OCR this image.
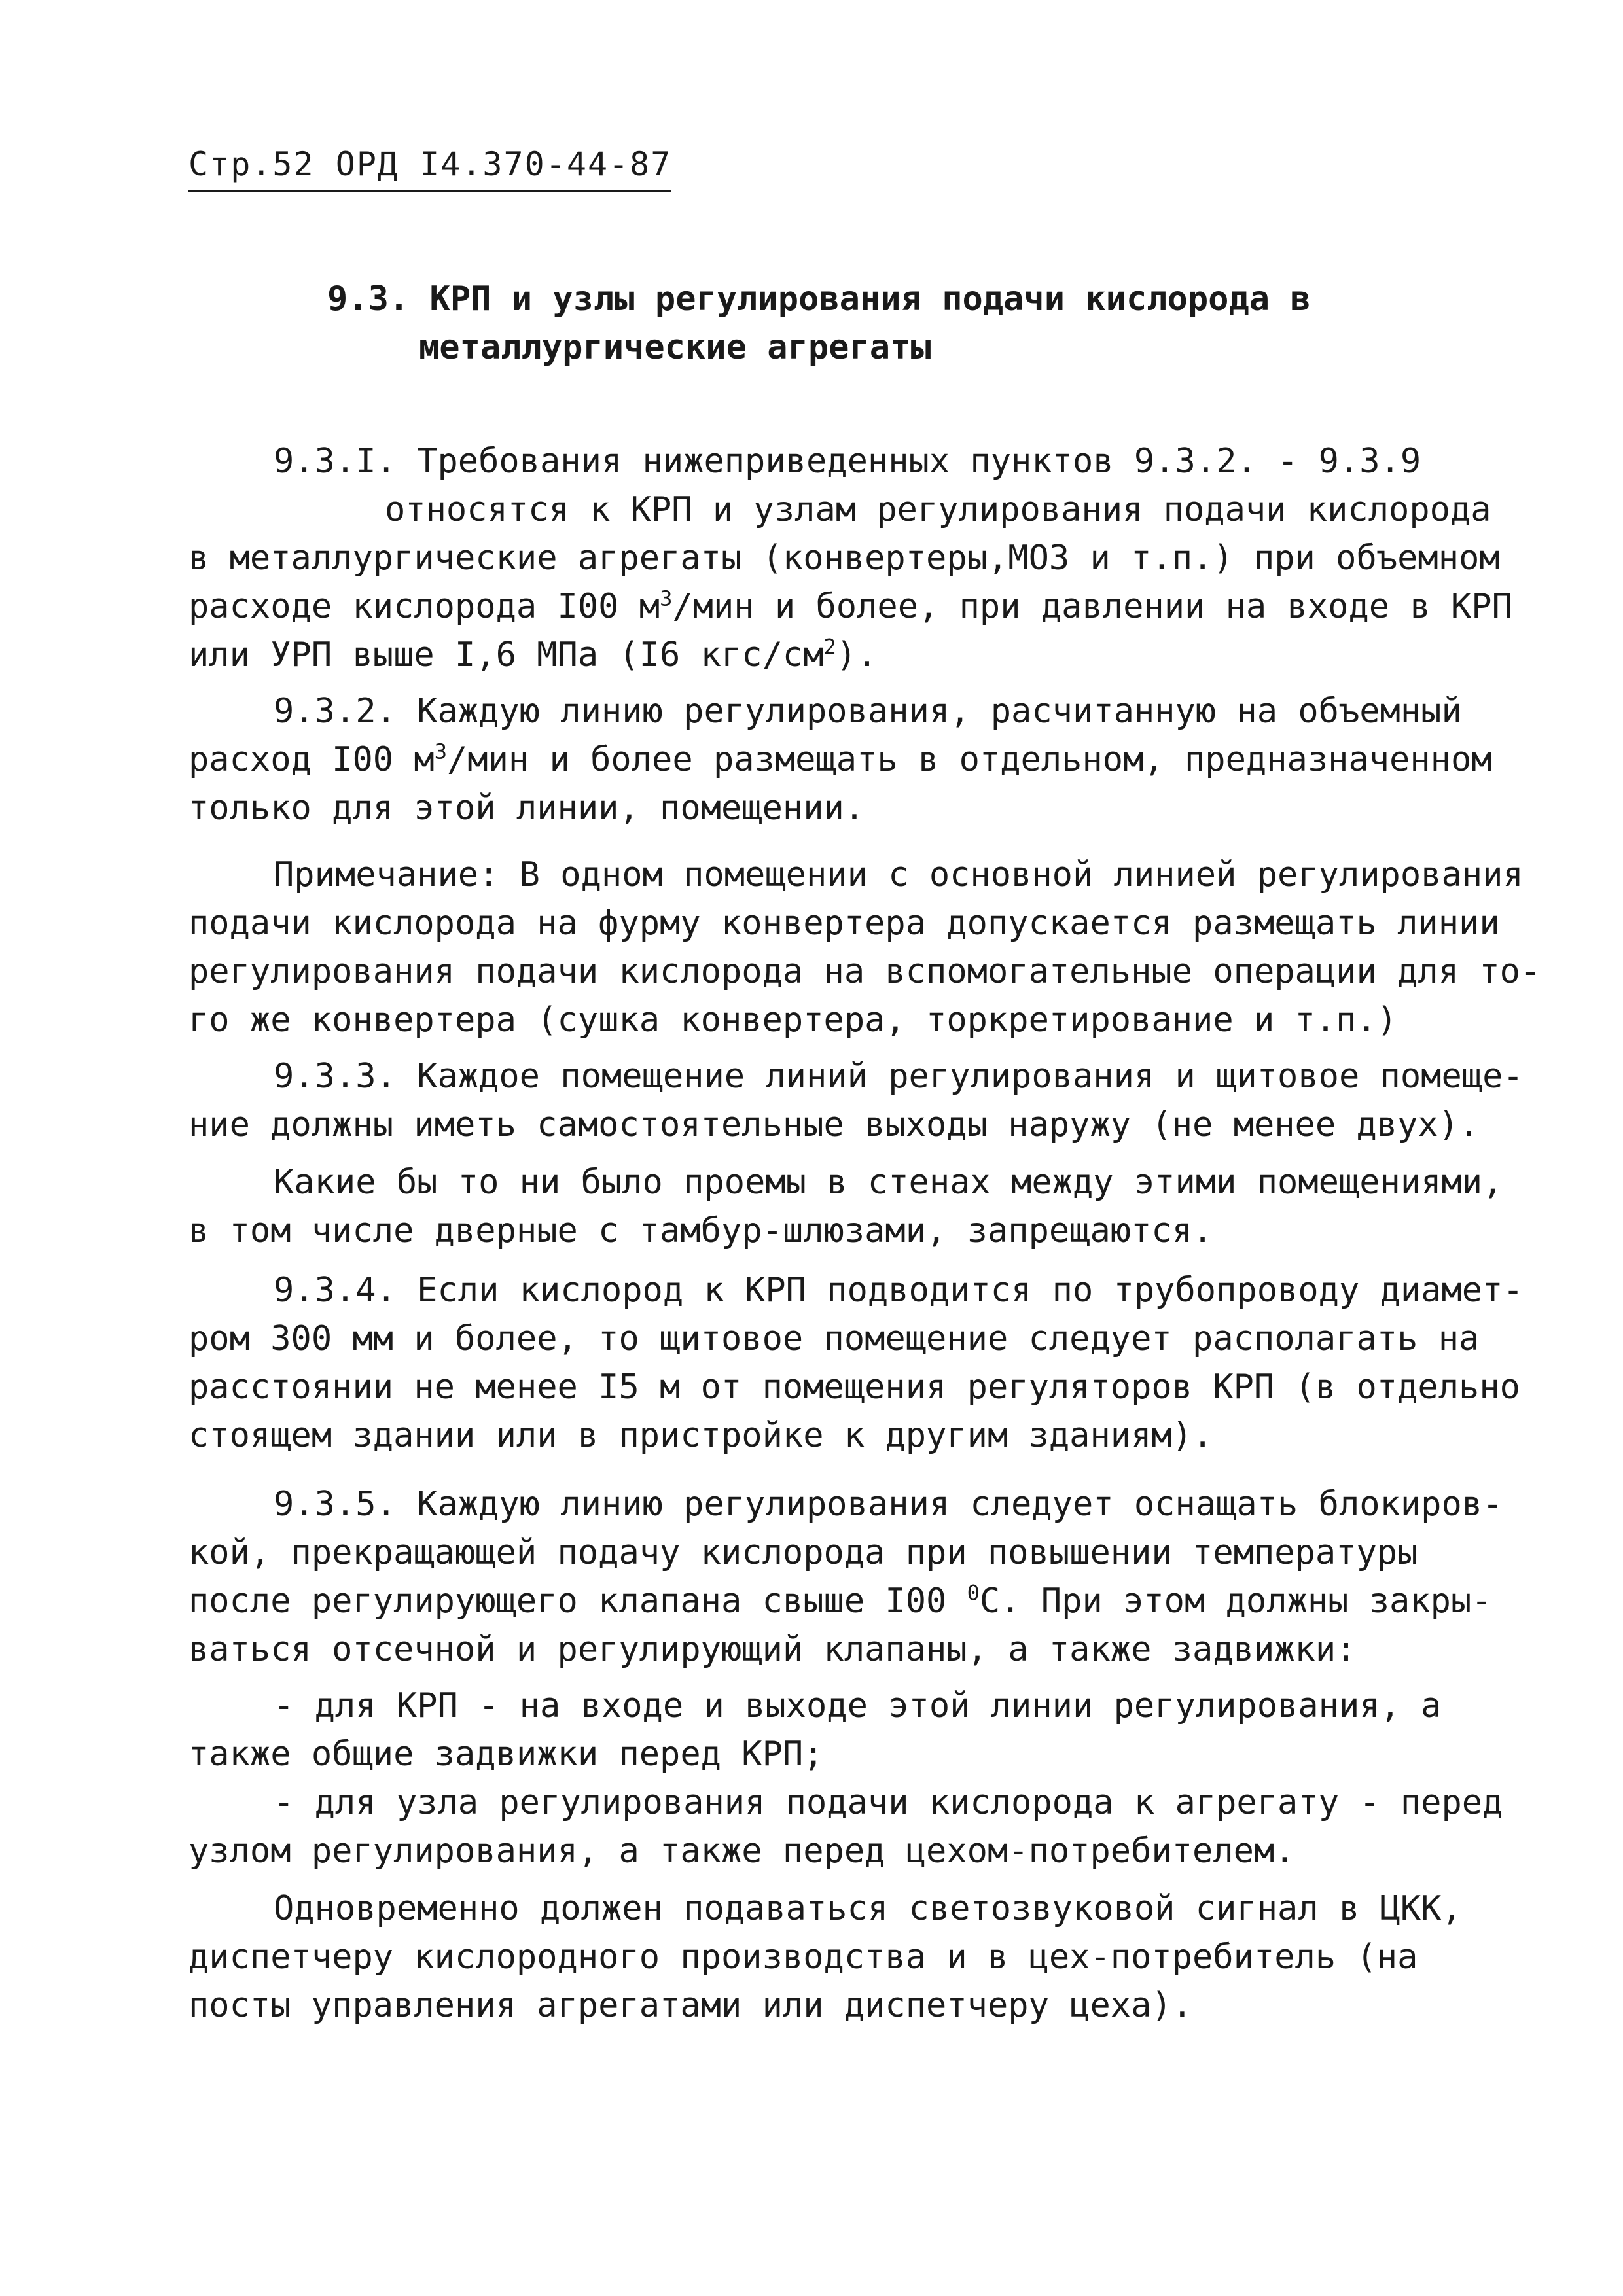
Стр.52 ОРД I4.370-44-87
9.3. КРП и узлы регулирования подачи кислорода в
металлургические агрегаты
9.3.I. Требования нижеприведенных пунктов 9.3.2. - 9.3.9
относятся к КРП и узлам регулирования подачи кислорода
в металлургические агрегаты (конвертеры,МОЗ и т.п.) при объемном
расходе кислорода I00 $м^3$/мин и более, при давлении на входе в КРП
или УРП выше I,6 МПа (I6 кгс/$см^2$).
9.3.2. Каждую линию регулирования, расчитанную на объемный
расход I00 $м^3$/мин и более размещать в отдельном, предназначенном
только для этой линии, помещении.
Примечание: В одном помещении с основной линией регулирования
подачи кислорода на фурму конвертера допускается размещать линии
регулирования подачи кислорода на вспомогательные операции для то-
го же конвертера (сушка конвертера, торкретирование и т.п.)
9.3.3. Каждое помещение линий регулирования и щитовое помеще-
ние должны иметь самостоятельные выходы наружу (не менее двух).
Какие бы то ни было проемы в стенах между этими помещениями,
в том числе дверные с тамбур-шлюзами, запрещаются.
9.3.4. Если кислород к КРП подводится по трубопроводу диамет-
ром 300 мм и более, то щитовое помещение следует располагать на
расстоянии не менее I5 м от помещения регуляторов КРП (в отдельно
стоящем здании или в пристройке к другим зданиям).
9.3.5. Каждую линию регулирования следует оснащать блокиров-
кой, прекращающей подачу кислорода при повышении температуры
после регулирующего клапана свыше I00 $^0$С. При этом должны закры-
ваться отсечной и регулирующий клапаны, а также задвижки:
- для КРП - на входе и выходе этой линии регулирования, а
также общие задвижки перед КРП;
- для узла регулирования подачи кислорода к агрегату - перед
узлом регулирования, а также перед цехом-потребителем.
Одновременно должен подаваться светозвуковой сигнал в ЦКК,
диспетчеру кислородного производства и в цех-потребитель (на
посты управления агрегатами или диспетчеру цеха).
